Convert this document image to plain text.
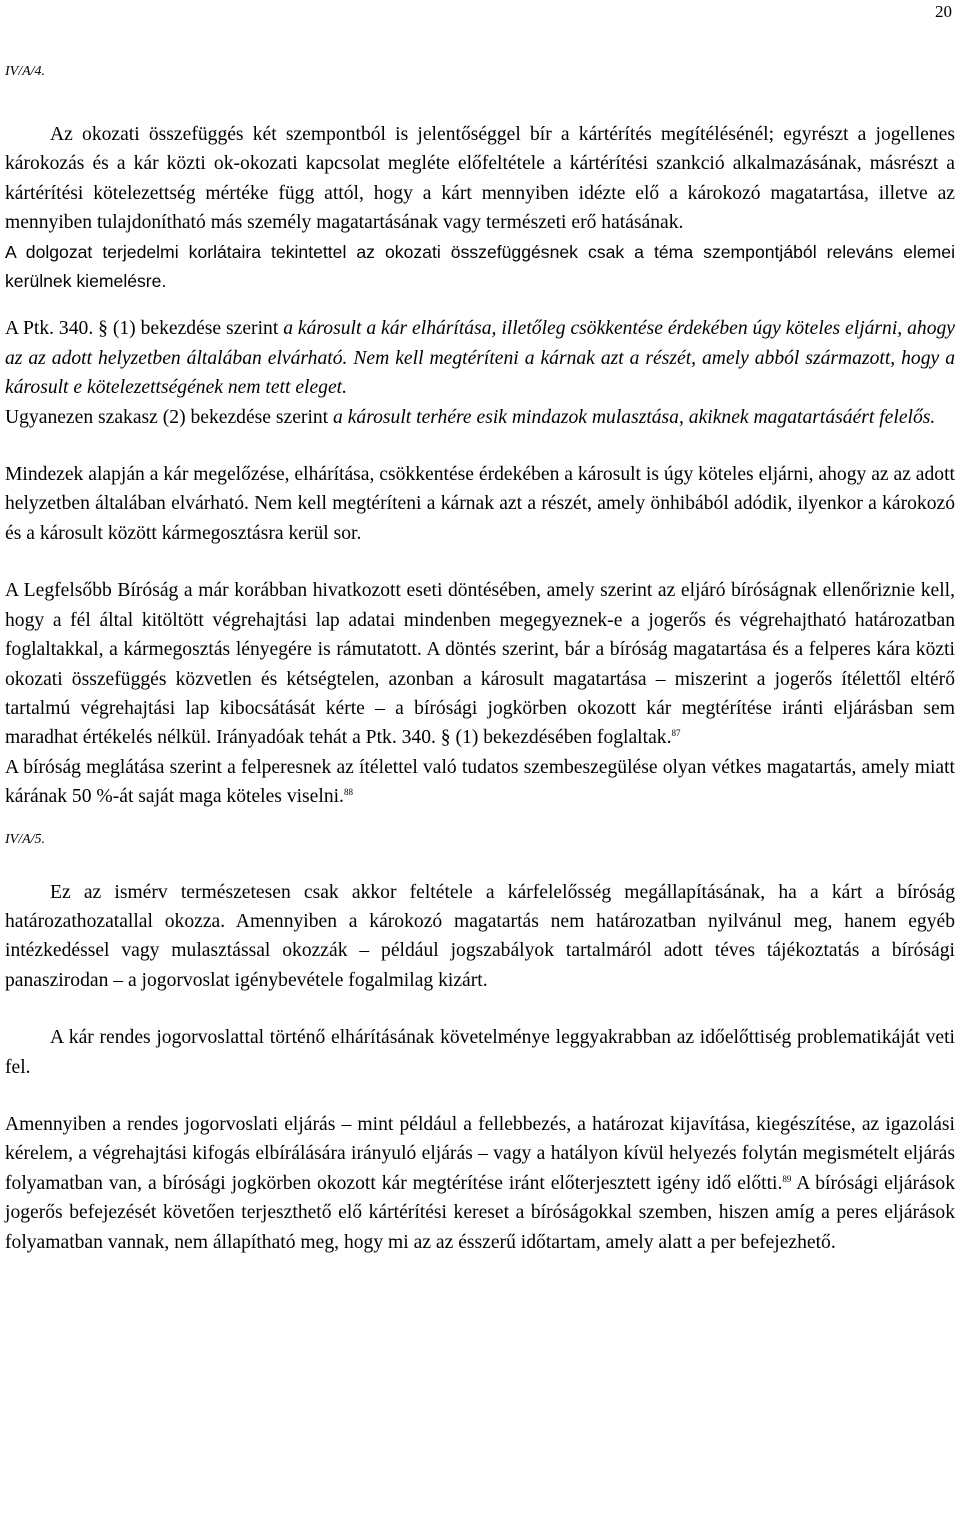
20
IV/A/4.

Az okozati összefüggés két szempontból is jelentőséggel bír a kártérítés megítélésénél; egyrészt a jogellenes károkozás és a kár közti ok-okozati kapcsolat megléte előfeltétele a kártérítési szankció alkalmazásának, másrészt a kártérítési kötelezettség mértéke függ attól, hogy a kárt mennyiben idézte elő a károkozó magatartása, illetve az mennyiben tulajdonítható más személy magatartásának vagy természeti erő hatásának.

A dolgozat terjedelmi korlátaira tekintettel az okozati összefüggésnek csak a téma szempontjából releváns elemei kerülnek kiemelésre.

A Ptk. 340. § (1) bekezdése szerint a károsult a kár elhárítása, illetőleg csökkentése érdekében úgy köteles eljárni, ahogy az az adott helyzetben általában elvárható. Nem kell megtéríteni a kárnak azt a részét, amely abból származott, hogy a károsult e kötelezettségének nem tett eleget.

Ugyanezen szakasz (2) bekezdése szerint a károsult terhére esik mindazok mulasztása, akiknek magatartásáért felelős.

Mindezek alapján a kár megelőzése, elhárítása, csökkentése érdekében a károsult is úgy köteles eljárni, ahogy az az adott helyzetben általában elvárható. Nem kell megtéríteni a kárnak azt a részét, amely önhibából adódik, ilyenkor a károkozó és a károsult között kármegosztásra kerül sor.

A Legfelsőbb Bíróság a már korábban hivatkozott eseti döntésében, amely szerint az eljáró bíróságnak ellenőriznie kell, hogy a fél által kitöltött végrehajtási lap adatai mindenben megegyeznek-e a jogerős és végrehajtható határozatban foglaltakkal, a kármegosztás lényegére is rámutatott. A döntés szerint, bár a bíróság magatartása és a felperes kára közti okozati összefüggés közvetlen és kétségtelen, azonban a károsult magatartása – miszerint a jogerős ítélettől eltérő tartalmú végrehajtási lap kibocsátását kérte – a bírósági jogkörben okozott kár megtérítése iránti eljárásban sem maradhat értékelés nélkül. Irányadóak tehát a Ptk. 340. § (1) bekezdésében foglaltak.$^{87}$

A bíróság meglátása szerint a felperesnek az ítélettel való tudatos szembeszegülése olyan vétkes magatartás, amely miatt kárának 50 %-át saját maga köteles viselni.$^{88}$

IV/A/5.

Ez az ismérv természetesen csak akkor feltétele a kárfelelősség megállapításának, ha a kárt a bíróság határozathozatallal okozza. Amennyiben a károkozó magatartás nem határozatban nyilvánul meg, hanem egyéb intézkedéssel vagy mulasztással okozzák – például jogszabályok tartalmáról adott téves tájékoztatás a bírósági panaszirodan – a jogorvoslat igénybevétele fogalmilag kizárt.

A kár rendes jogorvoslattal történő elhárításának követelménye leggyakrabban az időelőttiség problematikáját veti fel.

Amennyiben a rendes jogorvoslati eljárás – mint például a fellebbezés, a határozat kijavítása, kiegészítése, az igazolási kérelem, a végrehajtási kifogás elbírálására irányuló eljárás – vagy a hatályon kívül helyezés folytán megismételt eljárás folyamatban van, a bírósági jogkörben okozott kár megtérítése iránt előterjesztett igény idő előtti.$^{89}$ A bírósági eljárások jogerős befejezését követően terjeszthető elő kártérítési kereset a bíróságokkal szemben, hiszen amíg a peres eljárások folyamatban vannak, nem állapítható meg, hogy mi az az ésszerű időtartam, amely alatt a per befejezhető.
